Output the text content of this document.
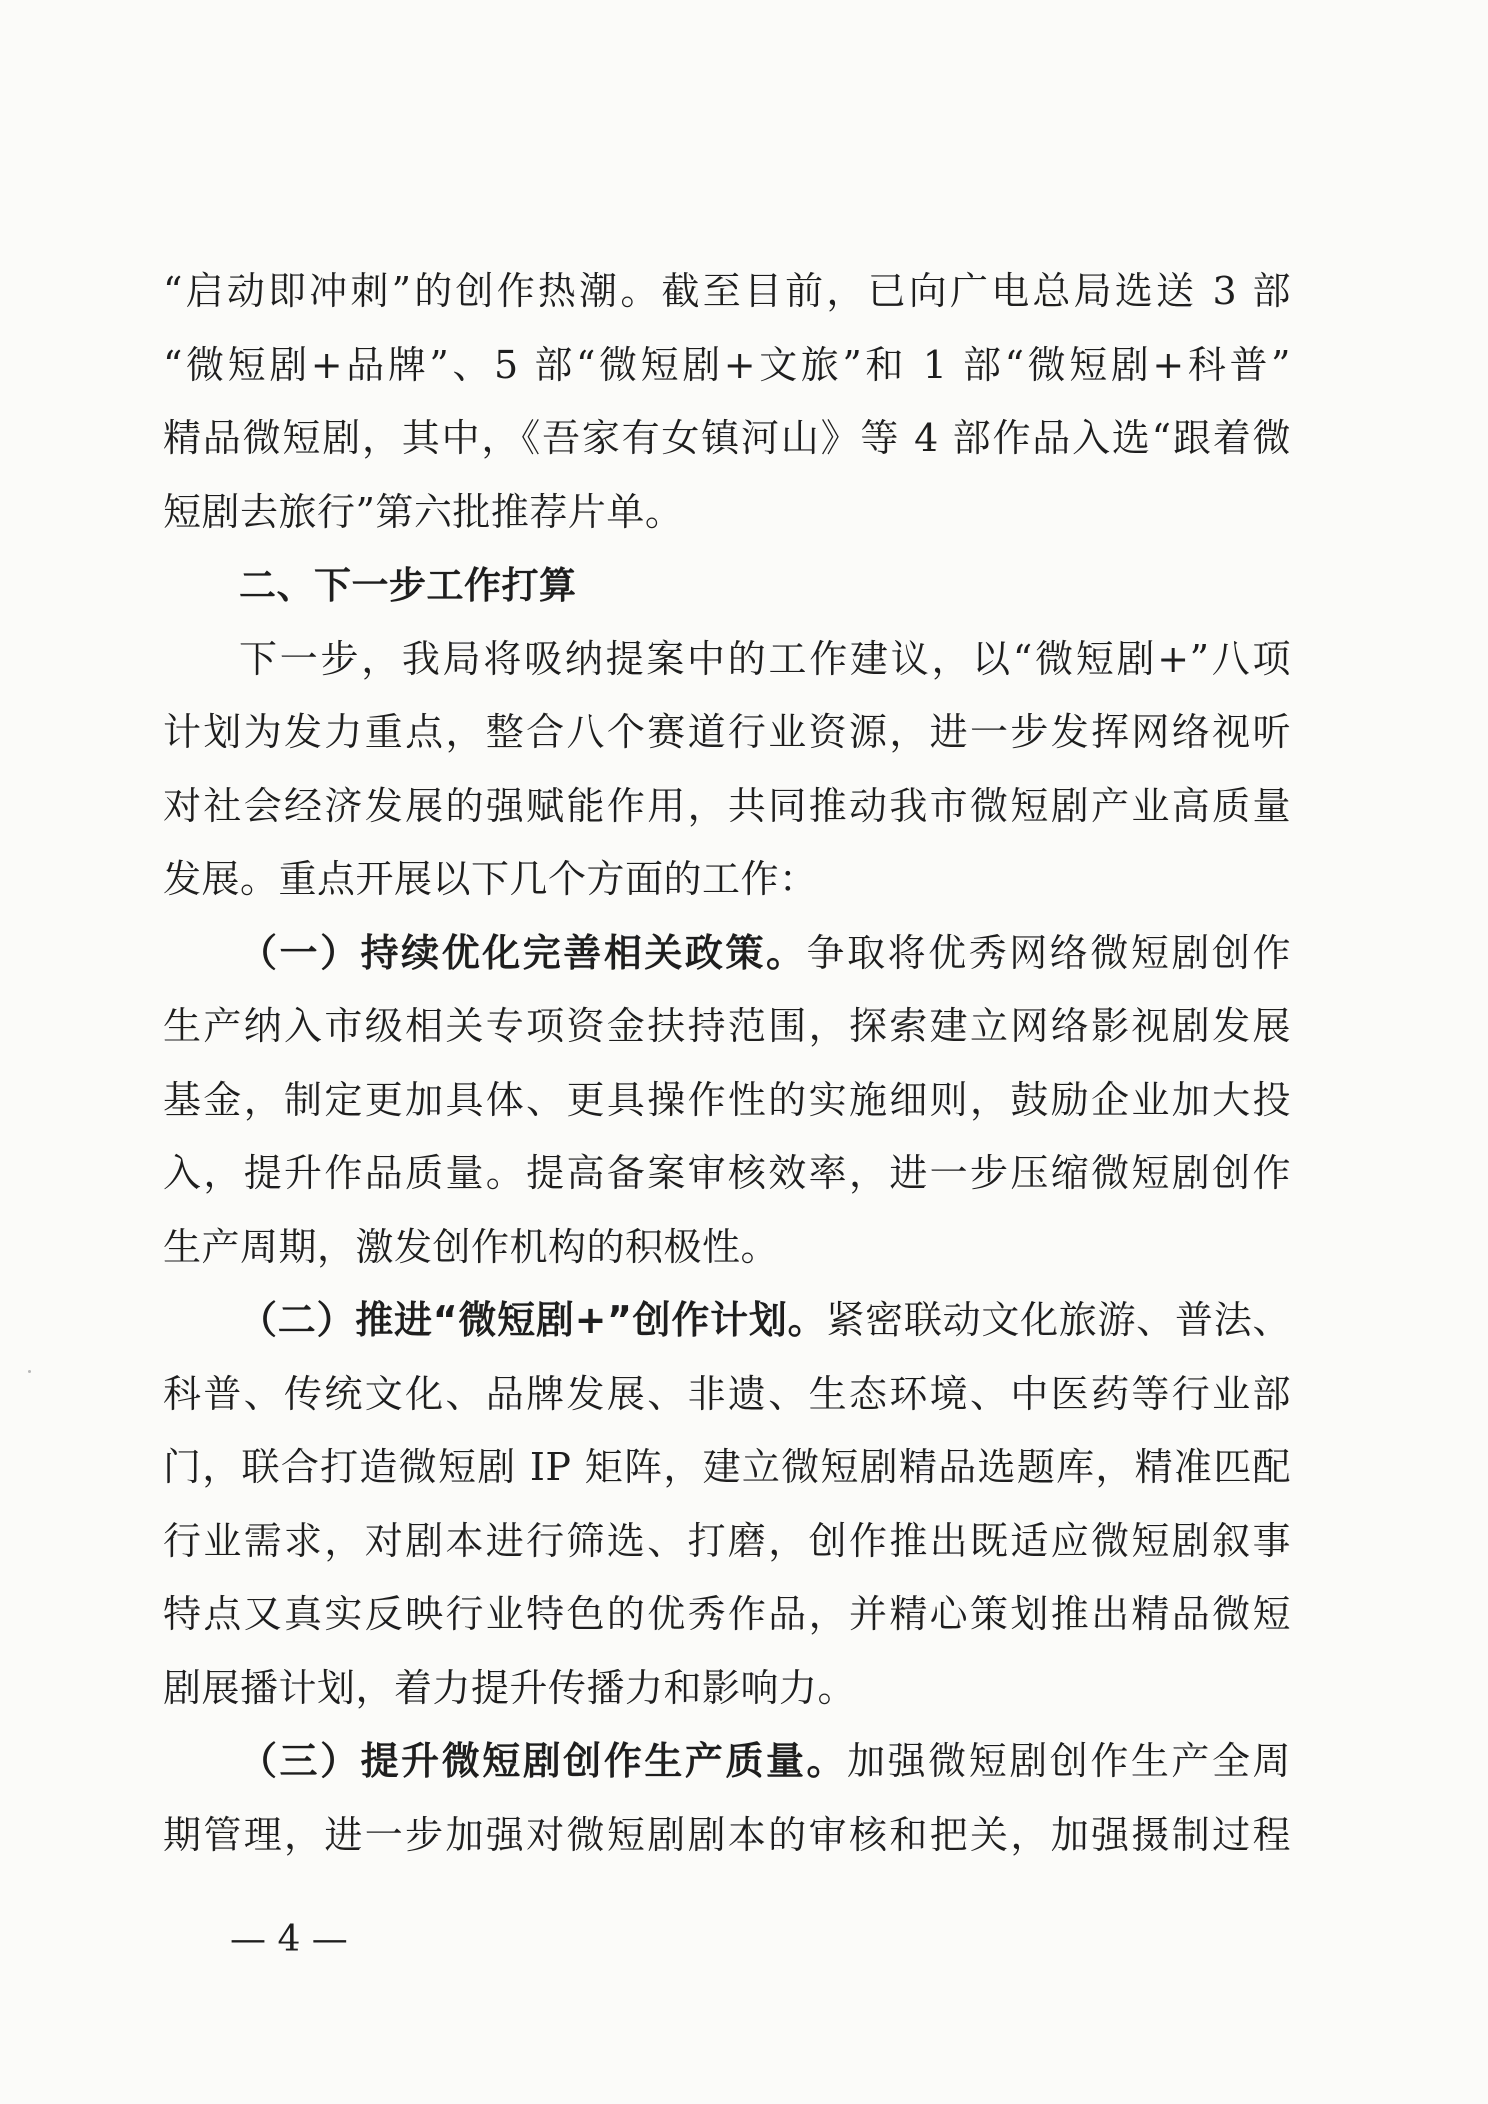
“启动即冲刺”的创作热潮。截至目前，已向广电总局选送 3 部
“微短剧+品牌”、5 部“微短剧+文旅”和 1 部“微短剧+科普”
精品微短剧，其中，《吾家有女镇河山》等 4 部作品入选“跟着微
短剧去旅行”第六批推荐片单。
二、下一步工作打算
下一步，我局将吸纳提案中的工作建议，以“微短剧+”八项
计划为发力重点，整合八个赛道行业资源，进一步发挥网络视听
对社会经济发展的强赋能作用，共同推动我市微短剧产业高质量
发展。重点开展以下几个方面的工作：
（一）持续优化完善相关政策。争取将优秀网络微短剧创作
生产纳入市级相关专项资金扶持范围，探索建立网络影视剧发展
基金，制定更加具体、更具操作性的实施细则，鼓励企业加大投
入，提升作品质量。提高备案审核效率，进一步压缩微短剧创作
生产周期，激发创作机构的积极性。
（二）推进“微短剧+”创作计划。紧密联动文化旅游、普法、
科普、传统文化、品牌发展、非遗、生态环境、中医药等行业部
门，联合打造微短剧 IP 矩阵，建立微短剧精品选题库，精准匹配
行业需求，对剧本进行筛选、打磨，创作推出既适应微短剧叙事
特点又真实反映行业特色的优秀作品，并精心策划推出精品微短
剧展播计划，着力提升传播力和影响力。
（三）提升微短剧创作生产质量。加强微短剧创作生产全周
期管理，进一步加强对微短剧剧本的审核和把关，加强摄制过程
— 4 —
